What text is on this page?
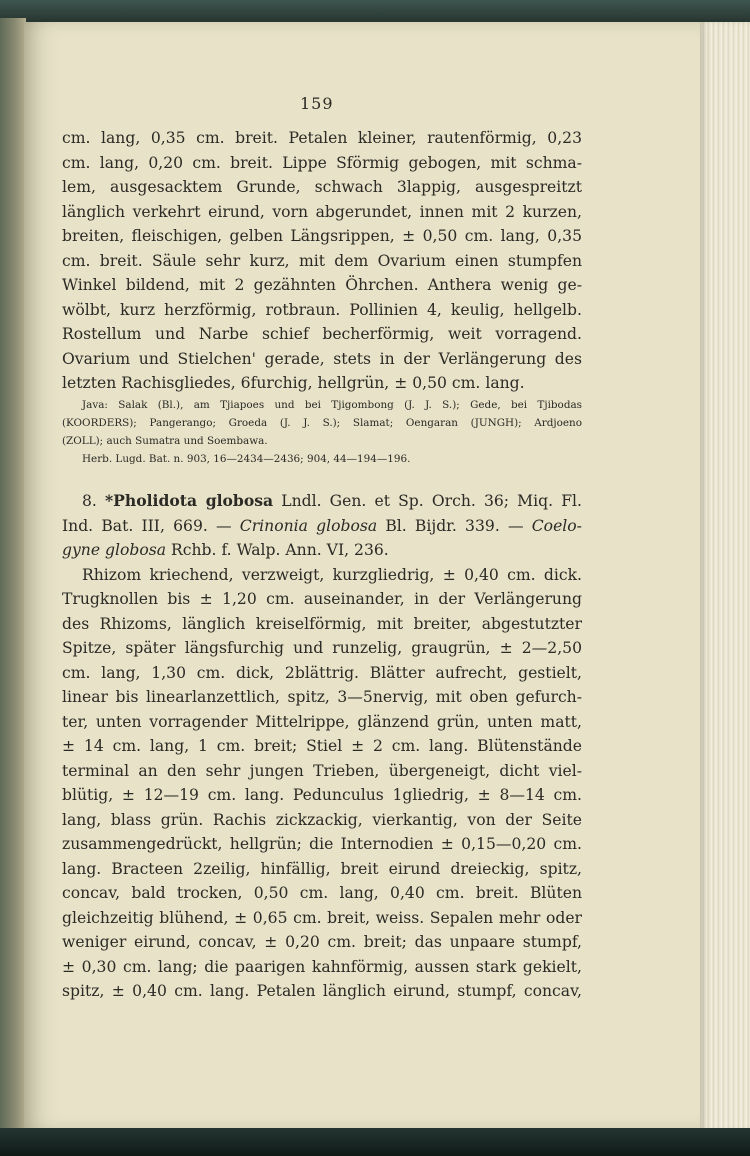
159
cm. lang, 0,35 cm. breit. Petalen kleiner, rautenförmig, 0,23
cm. lang, 0,20 cm. breit. Lippe Sförmig gebogen, mit schma-
lem, ausgesacktem Grunde, schwach 3lappig, ausgespreitzt
länglich verkehrt eirund, vorn abgerundet, innen mit 2 kurzen,
breiten, fleischigen, gelben Längsrippen, ± 0,50 cm. lang, 0,35
cm. breit. Säule sehr kurz, mit dem Ovarium einen stumpfen
Winkel bildend, mit 2 gezähnten Öhrchen. Anthera wenig ge-
wölbt, kurz herzförmig, rotbraun. Pollinien 4, keulig, hellgelb.
Rostellum und Narbe schief becherförmig, weit vorragend.
Ovarium und Stielchen' gerade, stets in der Verlängerung des
letzten Rachisgliedes, 6furchig, hellgrün, ± 0,50 cm. lang.
Java: Salak (Bl.), am Tjiapoes und bei Tjigombong (J. J. S.); Gede, bei Tjibodas
(KOORDERS); Pangerango; Groeda (J. J. S.); Slamat; Oengaran (JUNGH); Ardjoeno
(ZOLL); auch Sumatra und Soembawa.
Herb. Lugd. Bat. n. 903, 16—2434—2436; 904, 44—194—196.
8. *Pholidota globosa Lndl. Gen. et Sp. Orch. 36; Miq. Fl.
Ind. Bat. III, 669. — Crinonia globosa Bl. Bijdr. 339. — Coelo-
gyne globosa Rchb. f. Walp. Ann. VI, 236.
Rhizom kriechend, verzweigt, kurzgliedrig, ± 0,40 cm. dick.
Trugknollen bis ± 1,20 cm. auseinander, in der Verlängerung
des Rhizoms, länglich kreiselförmig, mit breiter, abgestutzter
Spitze, später längsfurchig und runzelig, graugrün, ± 2—2,50
cm. lang, 1,30 cm. dick, 2blättrig. Blätter aufrecht, gestielt,
linear bis linearlanzettlich, spitz, 3—5nervig, mit oben gefurch-
ter, unten vorragender Mittelrippe, glänzend grün, unten matt,
± 14 cm. lang, 1 cm. breit; Stiel ± 2 cm. lang. Blütenstände
terminal an den sehr jungen Trieben, übergeneigt, dicht viel-
blütig, ± 12—19 cm. lang. Pedunculus 1gliedrig, ± 8—14 cm.
lang, blass grün. Rachis zickzackig, vierkantig, von der Seite
zusammengedrückt, hellgrün; die Internodien ± 0,15—0,20 cm.
lang. Bracteen 2zeilig, hinfällig, breit eirund dreieckig, spitz,
concav, bald trocken, 0,50 cm. lang, 0,40 cm. breit. Blüten
gleichzeitig blühend, ± 0,65 cm. breit, weiss. Sepalen mehr oder
weniger eirund, concav, ± 0,20 cm. breit; das unpaare stumpf,
± 0,30 cm. lang; die paarigen kahnförmig, aussen stark gekielt,
spitz, ± 0,40 cm. lang. Petalen länglich eirund, stumpf, concav,
